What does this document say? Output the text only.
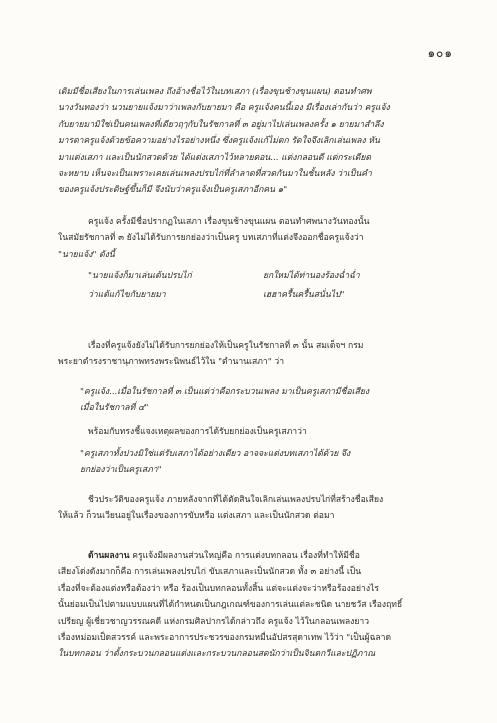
๑๐๑
เดิมมีชื่อเสียงในการเล่นเพลง ถึงอ้างชื่อไว้ในบทเสภา (เรื่องขุนช้างขุนแผน) ตอนทำศพ
นางวันทองว่า นวนยายแจ้งมาว่าเพลงกับยายมา คือ ครูแจ้งคนนี้เอง มีเรื่องเล่ากันว่า ครูแจ้ง
กับยายมามิใช่เป็นคนเพลงที่เดียวฤๅกับในรัชกาลที่ ๓ อยู่มาไปเล่นเพลงครั้ง ๑ ยายมาสำลึง
มารดาครูแจ้งด้วยข้อความอย่างไรอย่างหนึ่ง ซึ่งครูแจ้งแก้ไม่ตก รัดใจจึงเลิกเล่นเพลง หัน
มาแต่งเสภา และเป็นนักสวดด้วย ได้แต่งเสภาไว้หลายตอน... แต่งกลอนดี แต่กระเดียด
จะหยาบ เห็นจะเป็นเพราะเคยเล่นเพลงปรบไก่ที่ลำลาดที่สวดกันมาในชั้นหลัง ว่าเป็นคำ
ของครูแจ้งประดิษฐ์ขึ้นก็มี จึงนับว่าครูแจ้งเป็นครูเสภาอีกคน ๑"
ครูแจ้ง ครั้งมีชื่อปรากฏในเสภา เรื่องขุนช้างขุนแผน ตอนทำศพนางวันทองนั้น
ในสมัยรัชกาลที่ ๓ ยังไม่ได้รับการยกย่องว่าเป็นครู บทเสภาที่แต่งจึงออกชื่อครูแจ้งว่า
"นายแจ้ง" ดังนี้
"นายแจ้งก็มาเล่นเต้นปรบไก่	ยกใหม่ได้ท่านองร้องฉ่ำฉ่ำ
ว่าแต้แก้ไขกับยายมา	เฮฮาครื้นครื้นสนั่นไป"
เรื่องที่ครูแจ้งยังไม่ได้รับการยกย่องให้เป็นครูในรัชกาลที่ ๓ นั้น สมเด็จฯ กรม
พระยาดำรงราชานุภาพทรงพระนิพนธ์ไว้ใน "ตำนานเสภา" ว่า
"ครูแจ้ง...เมื่อในรัชกาลที่ ๓ เป็นแต่ว่าคือกระบวนเพลง มาเป็นครูเสภามีชื่อเสียง
เมื่อในรัชกาลที่ ๔"
พร้อมกับทรงชี้แจงเหตุผลของการได้รับยกย่องเป็นครูเสภาว่า
"ครูเสภาทั้งปวงมิใช่แต่รับเสภาได้อย่างเดียว อาจจะแต่งบทเสภาได้ด้วย จึง
ยกย่องว่าเป็นครูเสภา"
ชีวประวัติของครูแจ้ง ภายหลังจากที่ได้ตัดสินใจเลิกเล่นเพลงปรบไก่ที่สร้างชื่อเสียง
ให้แล้ว ก็วนเวียนอยู่ในเรื่องของการขับหรือ แต่งเสภา และเป็นนักสวด ต่อมา
ด้านผลงาน ครูแจ้งมีผลงานส่วนใหญ่คือ การแต่งบทกลอน เรื่องที่ทำให้มีชื่อ
เสียงโด่งดังมากก็คือ การเล่นเพลงปรบไก่ ขับเสภาและเป็นนักสวด ทั้ง ๓ อย่างนี้ เป็น
เรื่องที่จะต้องแต่งหรือต้องว่า หรือ ร้องเป็นบทกลอนทั้งสิ้น แต่จะแต่งจะว่าหรือร้องอย่างไร
นั้นย่อมเป็นไปตามแบบแผนที่ได้กำหนดเป็นกฎเกณฑ์ของการเล่นแต่ละชนิด นายชวัส เรืองฤทธิ์
เปรียญ ผู้เชี่ยวชาญวรรณคดี แห่งกรมศิลปากรได้กล่าวถึง ครูแจ้ง ไว้ในกลอนเพลงยาว
เรื่องหม่อมเป็ดสวรรค์ และพระอาการประชวรของกรมหมื่นอัปสรสุดาเทพ ไว้ว่า "เป็นผู้ฉลาด
ในบทกลอน ว่าตั้งกระบวนกลอนแต่งและกระบวนกลอนสดนักว่าเป็นจินตกวีและปฏิภาณ
